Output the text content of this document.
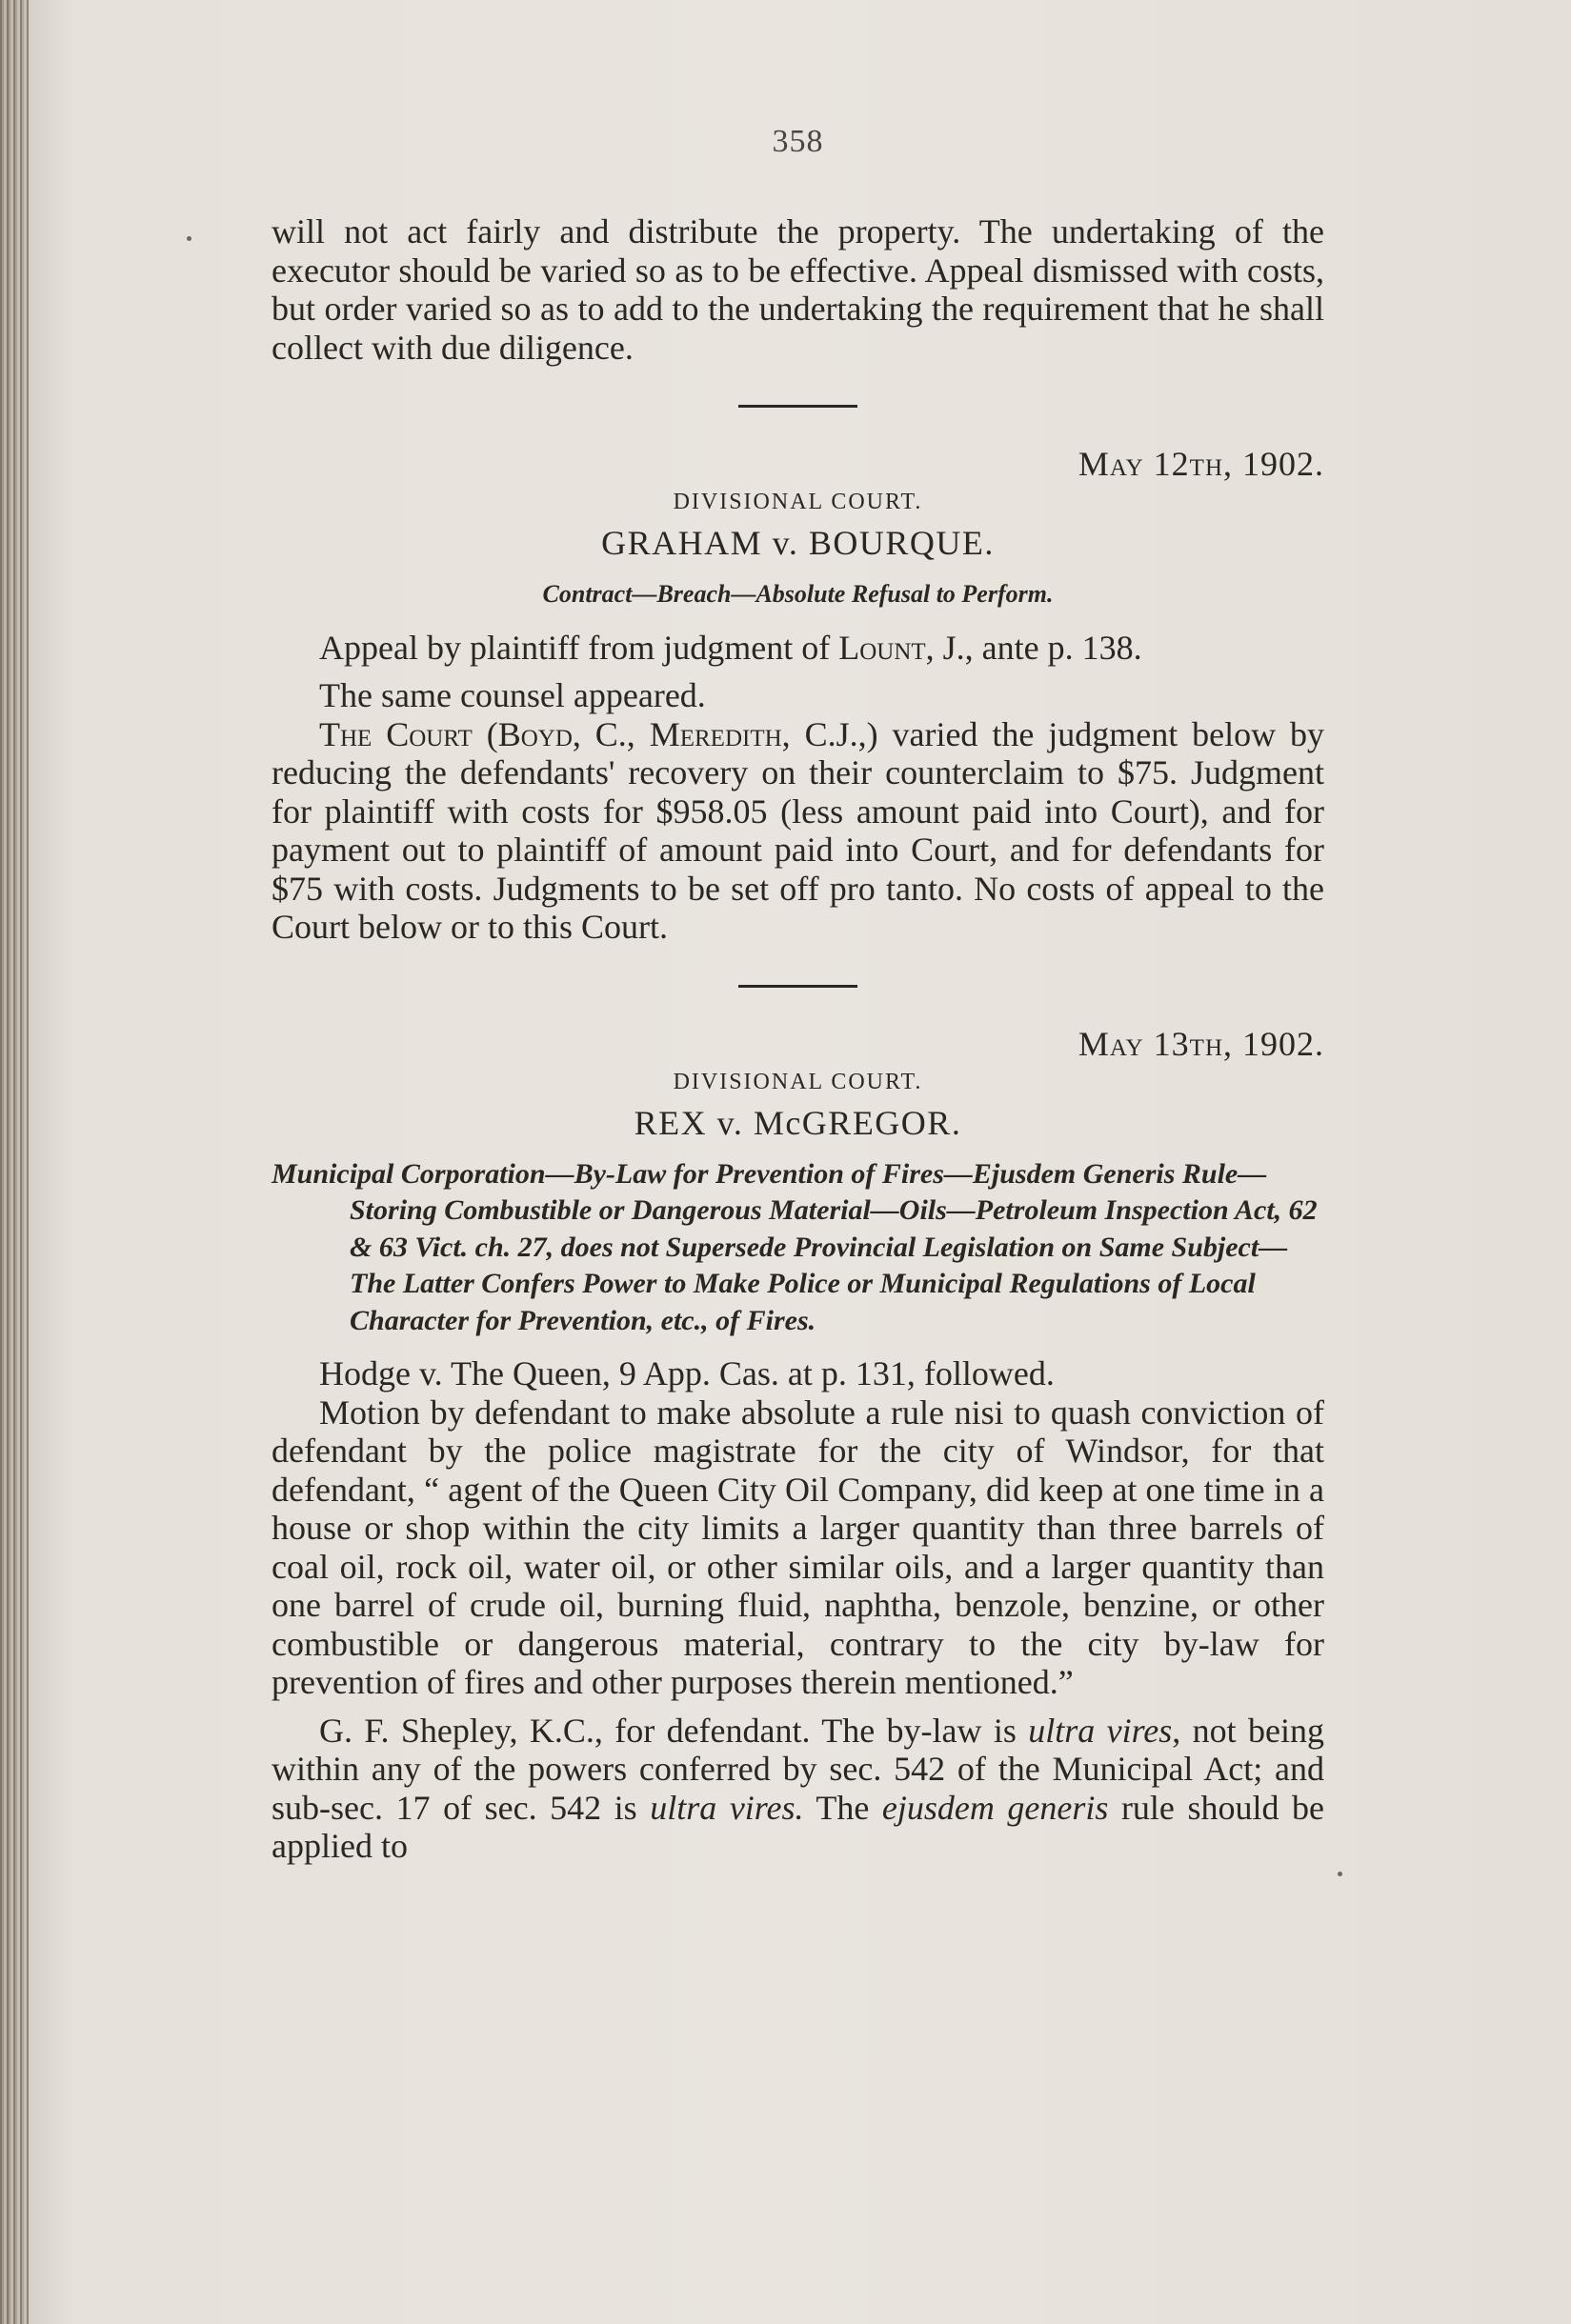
358

will not act fairly and distribute the property. The undertaking of the executor should be varied so as to be effective. Appeal dismissed with costs, but order varied so as to add to the undertaking the requirement that he shall collect with due diligence.

May 12th, 1902.
DIVISIONAL COURT.
GRAHAM v. BOURQUE.
Contract—Breach—Absolute Refusal to Perform.

Appeal by plaintiff from judgment of Lount, J., ante p. 138.

The same counsel appeared.

The Court (Boyd, C., Meredith, C.J.,) varied the judgment below by reducing the defendants' recovery on their counterclaim to $75. Judgment for plaintiff with costs for $958.05 (less amount paid into Court), and for payment out to plaintiff of amount paid into Court, and for defendants for $75 with costs. Judgments to be set off pro tanto. No costs of appeal to the Court below or to this Court.

May 13th, 1902.
DIVISIONAL COURT.
REX v. McGREGOR.
Municipal Corporation—By-Law for Prevention of Fires—Ejusdem Generis Rule—Storing Combustible or Dangerous Material—Oils—Petroleum Inspection Act, 62 & 63 Vict. ch. 27, does not Supersede Provincial Legislation on Same Subject—The Latter Confers Power to Make Police or Municipal Regulations of Local Character for Prevention, etc., of Fires.

Hodge v. The Queen, 9 App. Cas. at p. 131, followed.

Motion by defendant to make absolute a rule nisi to quash conviction of defendant by the police magistrate for the city of Windsor, for that defendant, “ agent of the Queen City Oil Company, did keep at one time in a house or shop within the city limits a larger quantity than three barrels of coal oil, rock oil, water oil, or other similar oils, and a larger quantity than one barrel of crude oil, burning fluid, naphtha, benzole, benzine, or other combustible or dangerous material, contrary to the city by-law for prevention of fires and other purposes therein mentioned.”

G. F. Shepley, K.C., for defendant. The by-law is ultra vires, not being within any of the powers conferred by sec. 542 of the Municipal Act; and sub-sec. 17 of sec. 542 is ultra vires. The ejusdem generis rule should be applied to
